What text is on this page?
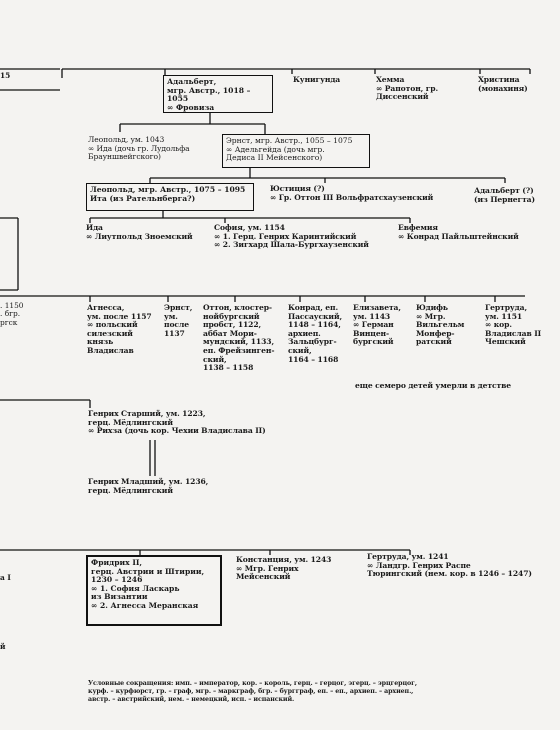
15
. 1150
. бгр.
ргск
а I
й
Адальберт,
мгр. Австр., 1018 – 1055
∞ Фровиза
Кунигунда	Хемма
∞ Рапотон, гр.
Диссенский
Христина
(монахиня)
Леопольд, ум. 1043
∞ Ида (дочь гр. Лудольфа
Брауншвейгского)
Эрнст, мгр. Австр., 1055 – 1075
∞ Адельгейда (дочь мгр.
Дедиса II Мейсенского)
Леопольд, мгр. Австр., 1075 – 1095
Ита (из Рательнберга?)
Юстиция (?)
∞ Гр. Оттон III Вольфратсхаузенский
Адальберт (?)
(из Пернегта)
Ида
∞ Лиутпольд Зноемский
София, ум. 1154
∞ 1. Герц. Генрих Каринтийский
∞ 2. Зигхард Шала-Бургхаузенский
Евфемия
∞ Конрад Пайльштейнский
Агнесса,
ум. после 1157
∞ польский
силезский
князь
Владислав
Эрнст,
ум.
после
1137
Оттон, клостер-
нойбургский
пробст, 1122,
аббат Мори-
мундский, 1133,
еп. Фрейзинген-
ский,
1138 – 1158
Конрад, еп.
Пассауский,
1148 – 1164,
архиеп.
Зальцбург-
ский,
1164 – 1168
Елизавета,
ум. 1143
∞ Герман
Винцен-
бургский
Юдифь
∞ Мгр.
Вильгельм
Монфер-
ратский
Гертруда,
ум. 1151
∞ кор.
Владислав II
Чешский
еще семеро детей умерли в детстве
Генрих Старший, ум. 1223,
герц. Мёдлингский
∞ Рихза (дочь кор. Чехии Владислава II)
Генрих Младший, ум. 1236,
герц. Мёдлингский
Фридрих II,
герц. Австрии и Штирии,
1230 – 1246
∞ 1. София Ласкарь
из Византии
∞ 2. Агнесса Меранская
Констанция, ум. 1243
∞ Мгр. Генрих
Мейсенский
Гертруда, ум. 1241
∞ Ландгр. Генрих Распе
Тюрингский (нем. кор. в 1246 – 1247)
Условные сокращения: имп. – император, кор. – король, герц. – герцог, эгерц. – эрцгерцог,
курф. – курфюрст, гр. – граф, мгр. – маркграф, бгр. – бургграф, еп. – еп., архиеп. – архиеп.,
австр. – австрийский, нем. – немецкий, исп. – испанский.
